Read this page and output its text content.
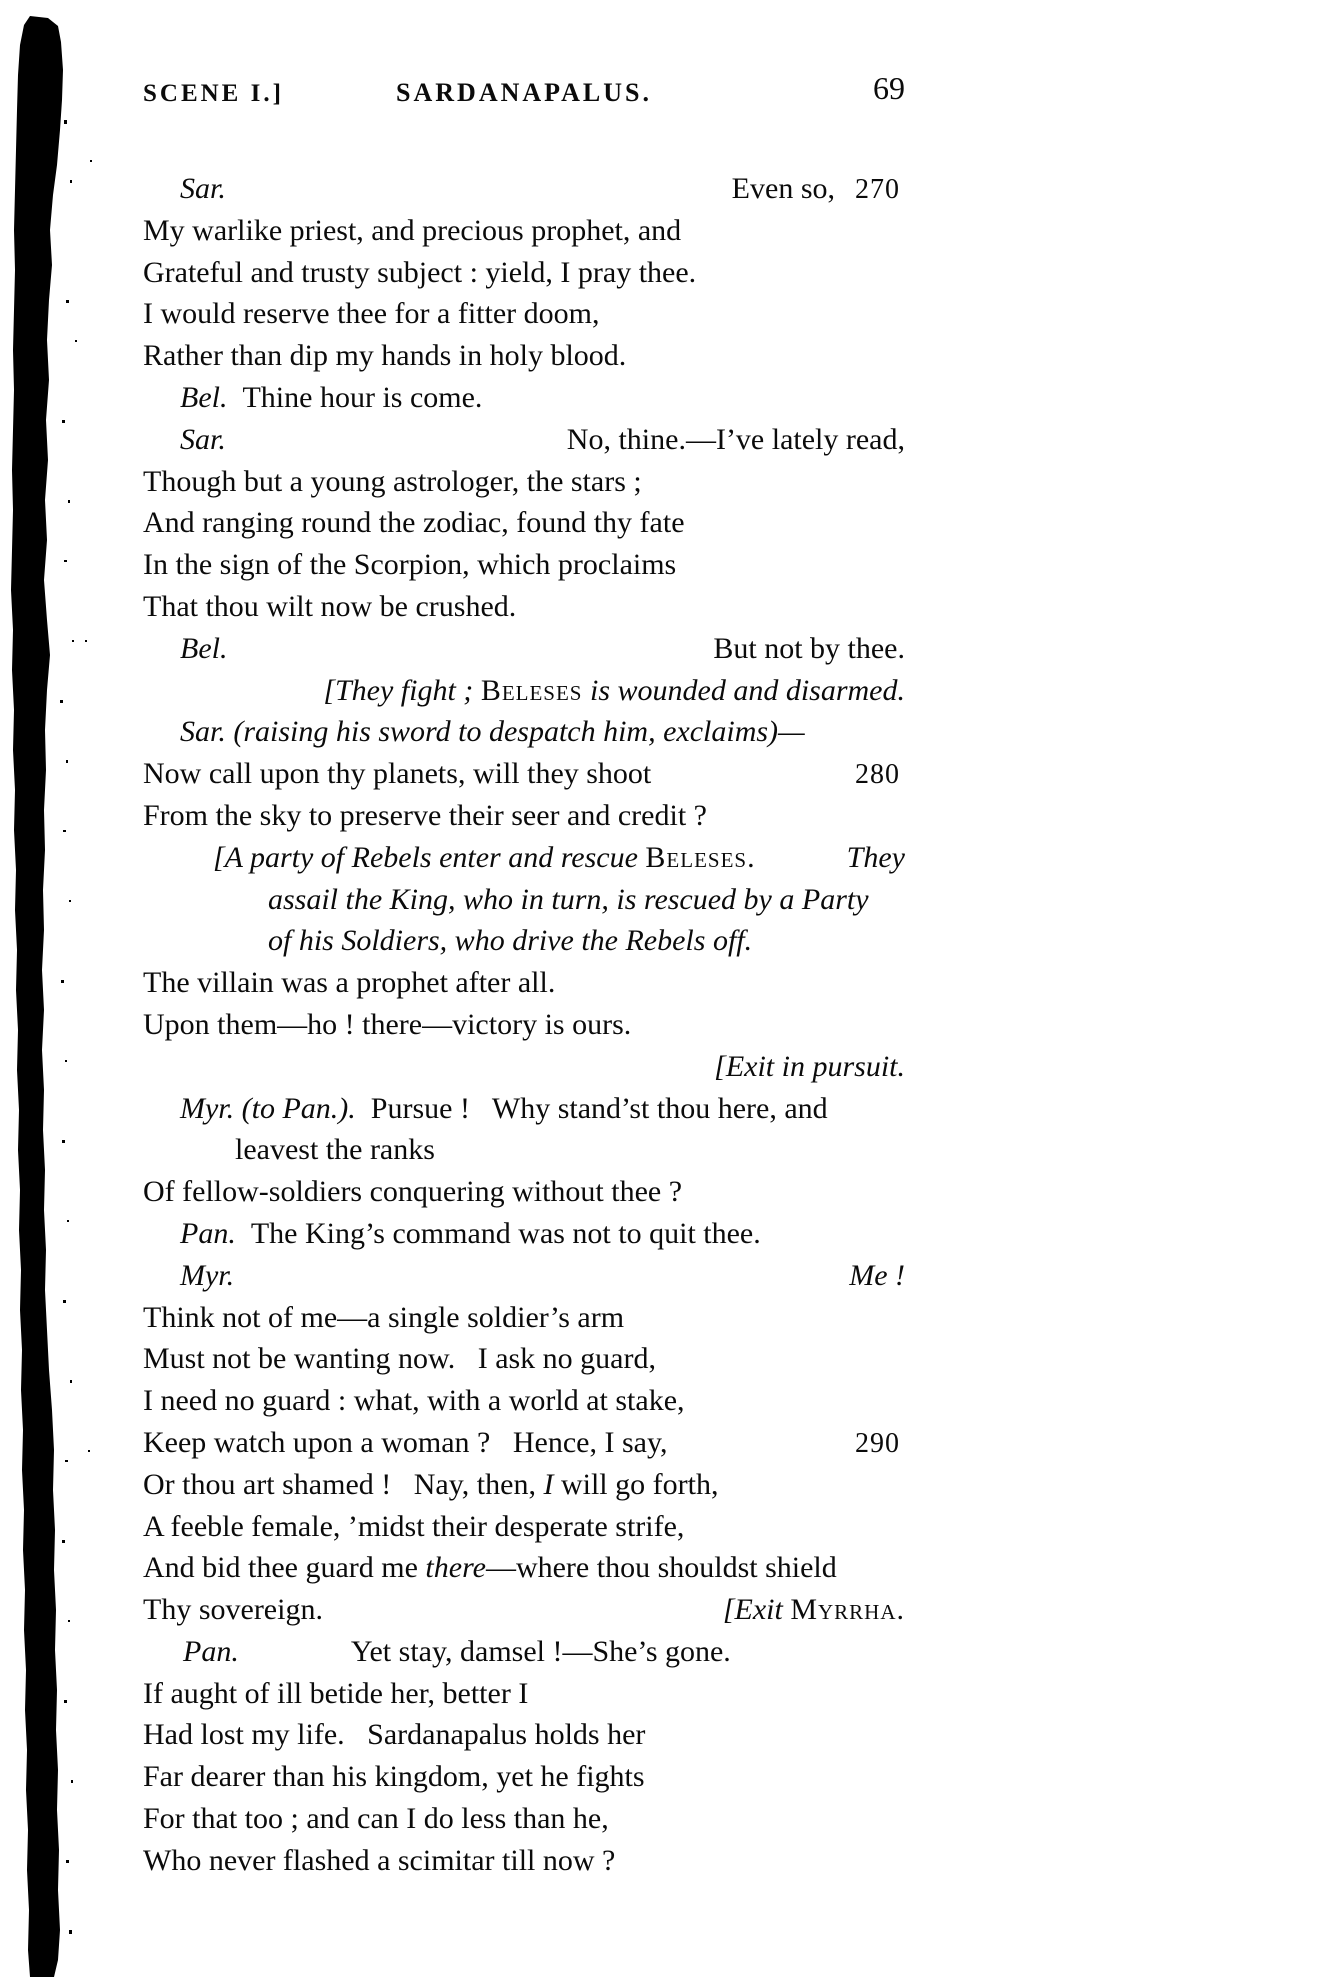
SCENE I.]	SARDANAPALUS.	69
Sar.	Even so, 270
My warlike priest, and precious prophet, and
Grateful and trusty subject : yield, I pray thee.
I would reserve thee for a fitter doom,
Rather than dip my hands in holy blood.
Bel. Thine hour is come.
Sar.	No, thine.—I’ve lately read,
Though but a young astrologer, the stars ;
And ranging round the zodiac, found thy fate
In the sign of the Scorpion, which proclaims
That thou wilt now be crushed.
Bel.	But not by thee.
[They fight ; Beleses is wounded and disarmed.
Sar. (raising his sword to despatch him, exclaims)—
Now call upon thy planets, will they shoot	280
From the sky to preserve their seer and credit ?
[A party of Rebels enter and rescue Beleses.	They
assail the King, who in turn, is rescued by a Party
of his Soldiers, who drive the Rebels off.
The villain was a prophet after all.
Upon them—ho ! there—victory is ours.
[Exit in pursuit.
Myr. (to Pan.). Pursue !  Why stand’st thou here, and
leavest the ranks
Of fellow-soldiers conquering without thee ?
Pan. The King’s command was not to quit thee.
Myr.	Me !
Think not of me—a single soldier’s arm
Must not be wanting now.  I ask no guard,
I need no guard : what, with a world at stake,
Keep watch upon a woman ?  Hence, I say,	290
Or thou art shamed !  Nay, then, I will go forth,
A feeble female, ’midst their desperate strife,
And bid thee guard me there—where thou shouldst shield
Thy sovereign.	[Exit Myrrha.
Pan.	Yet stay, damsel !—She’s gone.
If aught of ill betide her, better I
Had lost my life.  Sardanapalus holds her
Far dearer than his kingdom, yet he fights
For that too ; and can I do less than he,
Who never flashed a scimitar till now ?
